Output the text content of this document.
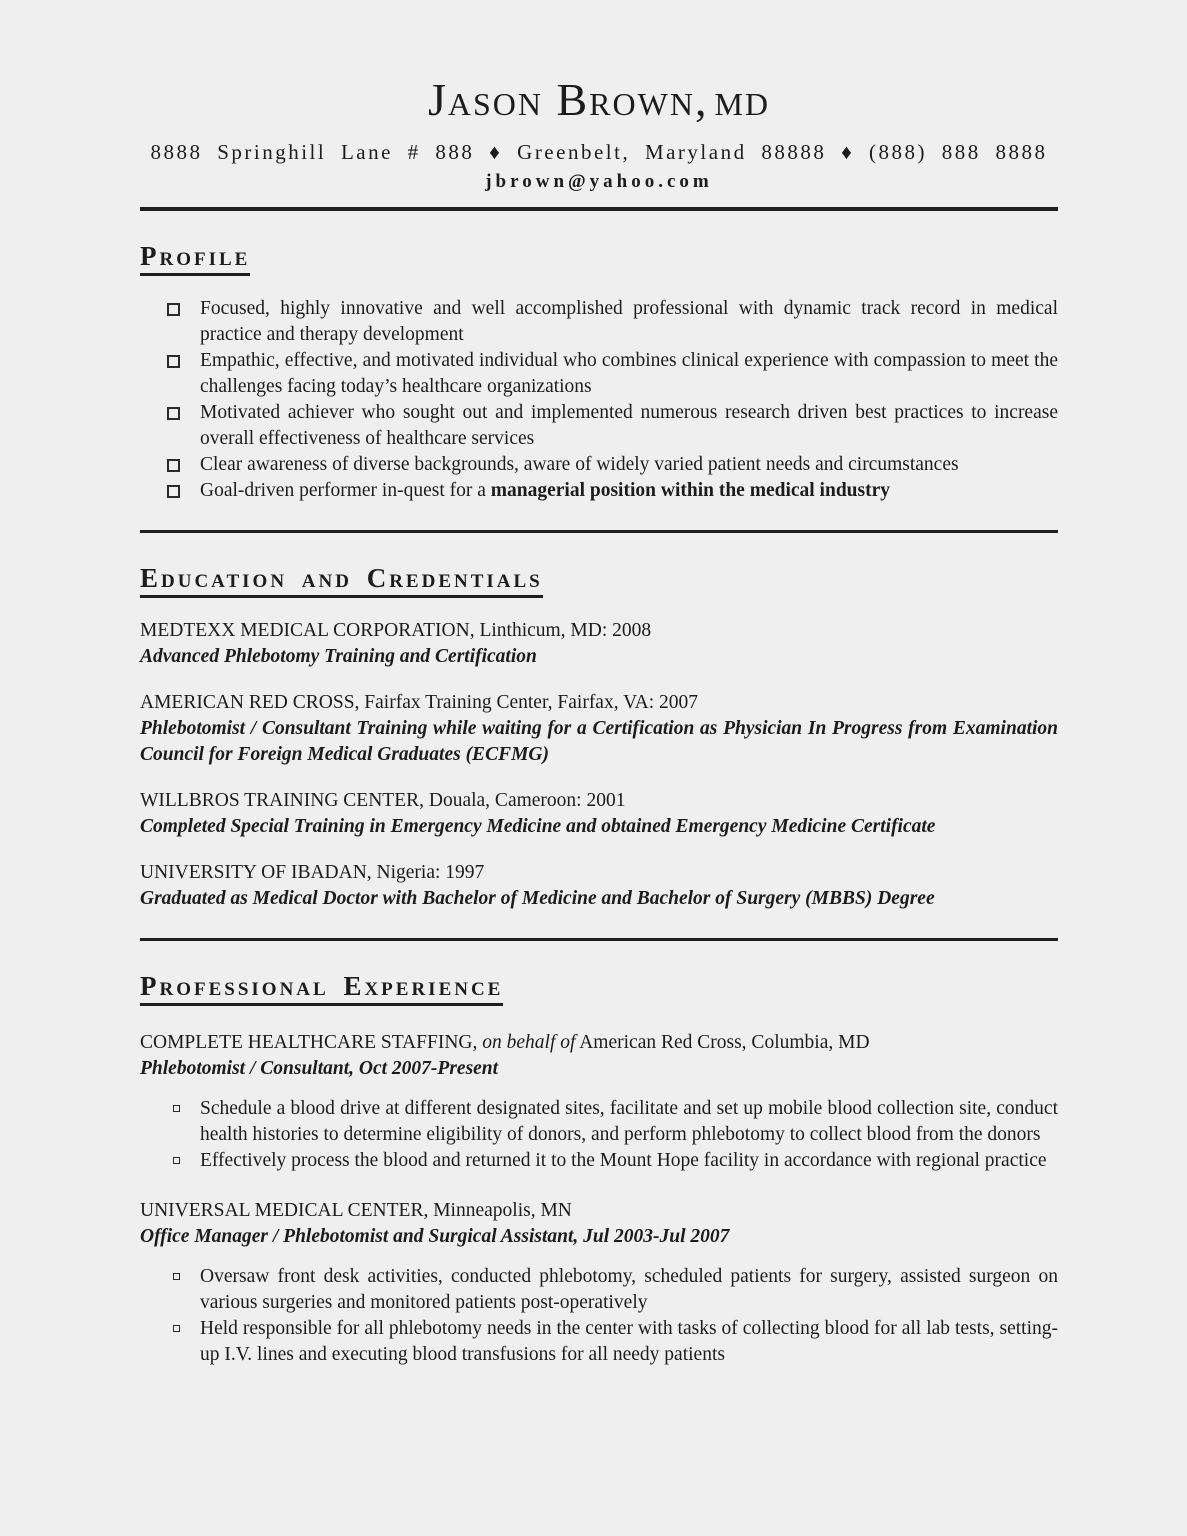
Jason Brown, md
8888 Springhill Lane # 888 ♦ Greenbelt, Maryland 88888 ♦ (888) 888 8888
jbrown@yahoo.com
Profile
Focused, highly innovative and well accomplished professional with dynamic track record in medical practice and therapy development
Empathic, effective, and motivated individual who combines clinical experience with compassion to meet the challenges facing today’s healthcare organizations
Motivated achiever who sought out and implemented numerous research driven best practices to increase overall effectiveness of healthcare services
Clear awareness of diverse backgrounds, aware of widely varied patient needs and circumstances
Goal-driven performer in-quest for a managerial position within the medical industry
Education and Credentials
MEDTEXX MEDICAL CORPORATION, Linthicum, MD: 2008
Advanced Phlebotomy Training and Certification
AMERICAN RED CROSS, Fairfax Training Center, Fairfax, VA: 2007
Phlebotomist / Consultant Training while waiting for a Certification as Physician In Progress from Examination Council for Foreign Medical Graduates (ECFMG)
WILLBROS TRAINING CENTER, Douala, Cameroon: 2001
Completed Special Training in Emergency Medicine and obtained Emergency Medicine Certificate
UNIVERSITY OF IBADAN, Nigeria: 1997
Graduated as Medical Doctor with Bachelor of Medicine and Bachelor of Surgery (MBBS) Degree
Professional Experience
COMPLETE HEALTHCARE STAFFING, on behalf of American Red Cross, Columbia, MD
Phlebotomist / Consultant, Oct 2007-Present
Schedule a blood drive at different designated sites, facilitate and set up mobile blood collection site, conduct health histories to determine eligibility of donors, and perform phlebotomy to collect blood from the donors
Effectively process the blood and returned it to the Mount Hope facility in accordance with regional practice
UNIVERSAL MEDICAL CENTER, Minneapolis, MN
Office Manager / Phlebotomist and Surgical Assistant, Jul 2003-Jul 2007
Oversaw front desk activities, conducted phlebotomy, scheduled patients for surgery, assisted surgeon on various surgeries and monitored patients post-operatively
Held responsible for all phlebotomy needs in the center with tasks of collecting blood for all lab tests, setting-up I.V. lines and executing blood transfusions for all needy patients
